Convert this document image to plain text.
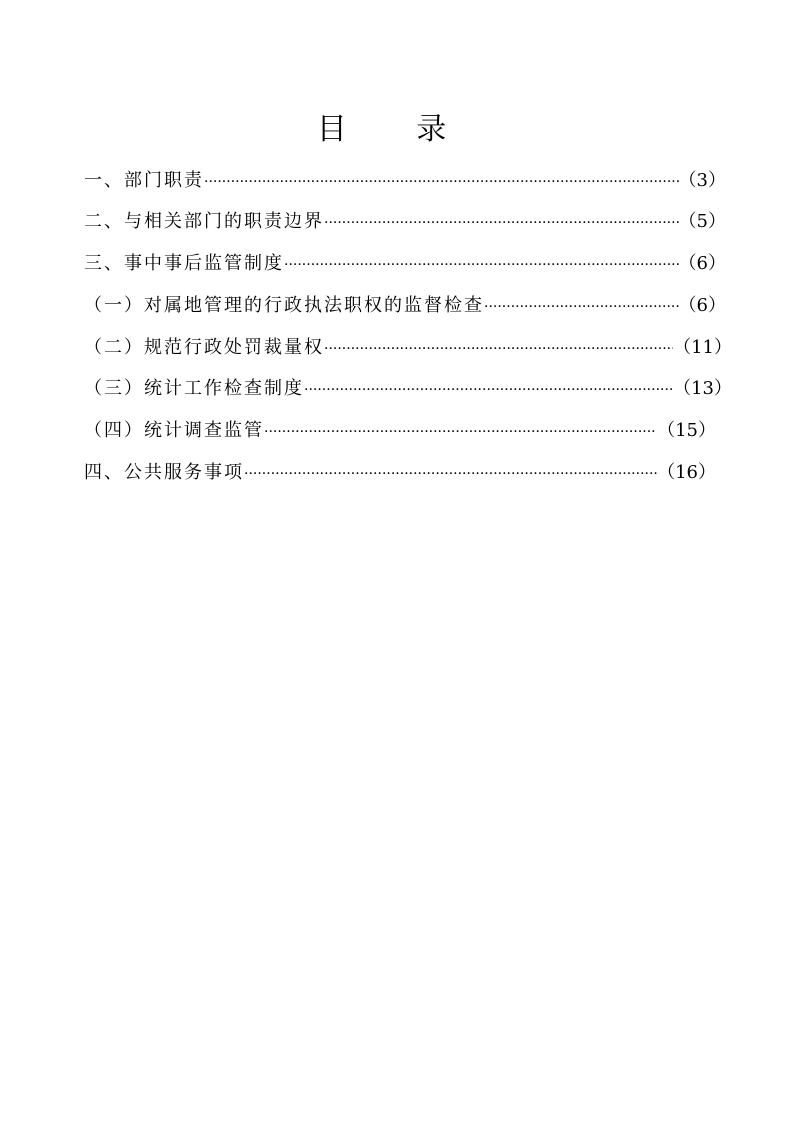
目 录
一、部门职责 ·····	（3）
二、与相关部门的职责边界 ·····	（5）
三、事中事后监管制度 ·····	（6）
（一）对属地管理的行政执法职权的监督检查 ·····	（6）
（二）规范行政处罚裁量权 ·····	（11）
（三）统计工作检查制度 ·····	（13）
（四）统计调查监管 ·····	（15）
四、公共服务事项 ·····	（16）
